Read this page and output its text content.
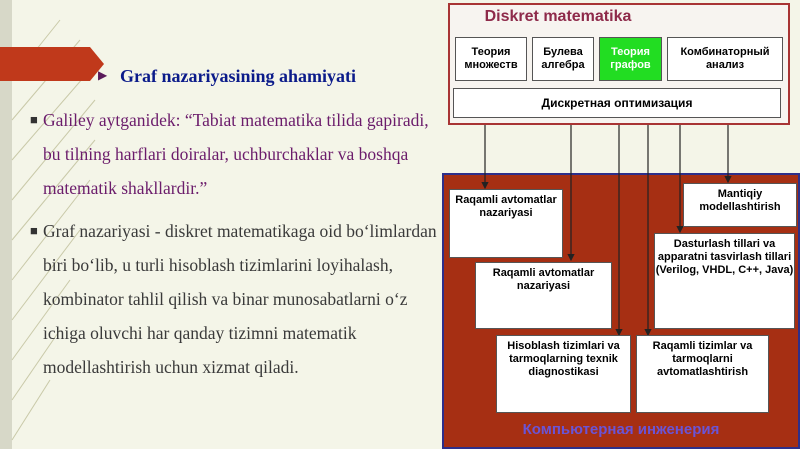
▶ Graf nazariyasining ahamiyati
■ Galiley aytganidek: “Tabiat matematika tilida gapiradi, bu tilning harflari doiralar, uchburchaklar va boshqa matematik shakllardir.”
■ Graf nazariyasi - diskret matematikaga oid bo‘limlardan biri bo‘lib, u turli hisoblash tizimlarini loyihalash, kombinator tahlil qilish va binar munosabatlarni o‘z ichiga oluvchi har qanday tizimni matematik modellashtirish uchun xizmat qiladi.
Diskret matematika
Теория множеств
Булева алгебра
Теория графов
Комбинаторный анализ
Дискретная оптимизация
Raqamli avtomatlar nazariyasi
Mantiqiy modellashtirish
Dasturlash tillari va apparatni tasvirlash tillari (Verilog, VHDL, C++, Java)
Raqamli avtomatlar nazariyasi
Hisoblash tizimlari va tarmoqlarning texnik diagnostikasi
Raqamli tizimlar va tarmoqlarni avtomatlashtirish
Компьютерная инженерия
